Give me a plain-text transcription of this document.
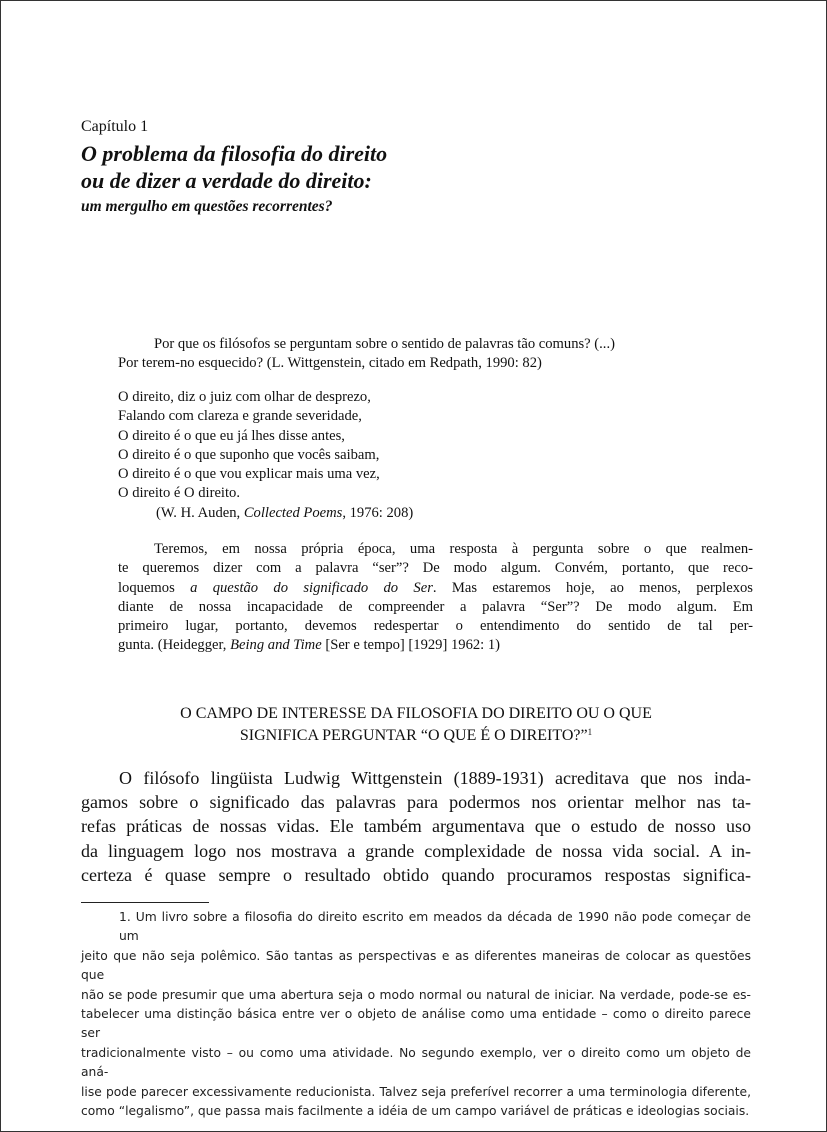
Capítulo 1
O problema da filosofia do direito
ou de dizer a verdade do direito:
um mergulho em questões recorrentes?
Por que os filósofos se perguntam sobre o sentido de palavras tão comuns? (...)
Por terem-no esquecido? (L. Wittgenstein, citado em Redpath, 1990: 82)
O direito, diz o juiz com olhar de desprezo,
Falando com clareza e grande severidade,
O direito é o que eu já lhes disse antes,
O direito é o que suponho que vocês saibam,
O direito é o que vou explicar mais uma vez,
O direito é O direito.
(W. H. Auden, Collected Poems, 1976: 208)
Teremos, em nossa própria época, uma resposta à pergunta sobre o que realmen-
te queremos dizer com a palavra “ser”? De modo algum. Convém, portanto, que reco-
loquemos a questão do significado do Ser. Mas estaremos hoje, ao menos, perplexos
diante de nossa incapacidade de compreender a palavra “Ser”? De modo algum. Em
primeiro lugar, portanto, devemos redespertar o entendimento do sentido de tal per-
gunta. (Heidegger, Being and Time [Ser e tempo] [1929] 1962: 1)
O CAMPO DE INTERESSE DA FILOSOFIA DO DIREITO OU O QUE
SIGNIFICA PERGUNTAR “O QUE É O DIREITO?”$^1$
O filósofo lingüista Ludwig Wittgenstein (1889-1931) acreditava que nos inda-
gamos sobre o significado das palavras para podermos nos orientar melhor nas ta-
refas práticas de nossas vidas. Ele também argumentava que o estudo de nosso uso
da linguagem logo nos mostrava a grande complexidade de nossa vida social. A in-
certeza é quase sempre o resultado obtido quando procuramos respostas significa-
1. Um livro sobre a filosofia do direito escrito em meados da década de 1990 não pode começar de um
jeito que não seja polêmico. São tantas as perspectivas e as diferentes maneiras de colocar as questões que
não se pode presumir que uma abertura seja o modo normal ou natural de iniciar. Na verdade, pode-se es-
tabelecer uma distinção básica entre ver o objeto de análise como uma entidade – como o direito parece ser
tradicionalmente visto – ou como uma atividade. No segundo exemplo, ver o direito como um objeto de aná-
lise pode parecer excessivamente reducionista. Talvez seja preferível recorrer a uma terminologia diferente,
como “legalismo”, que passa mais facilmente a idéia de um campo variável de práticas e ideologias sociais.
